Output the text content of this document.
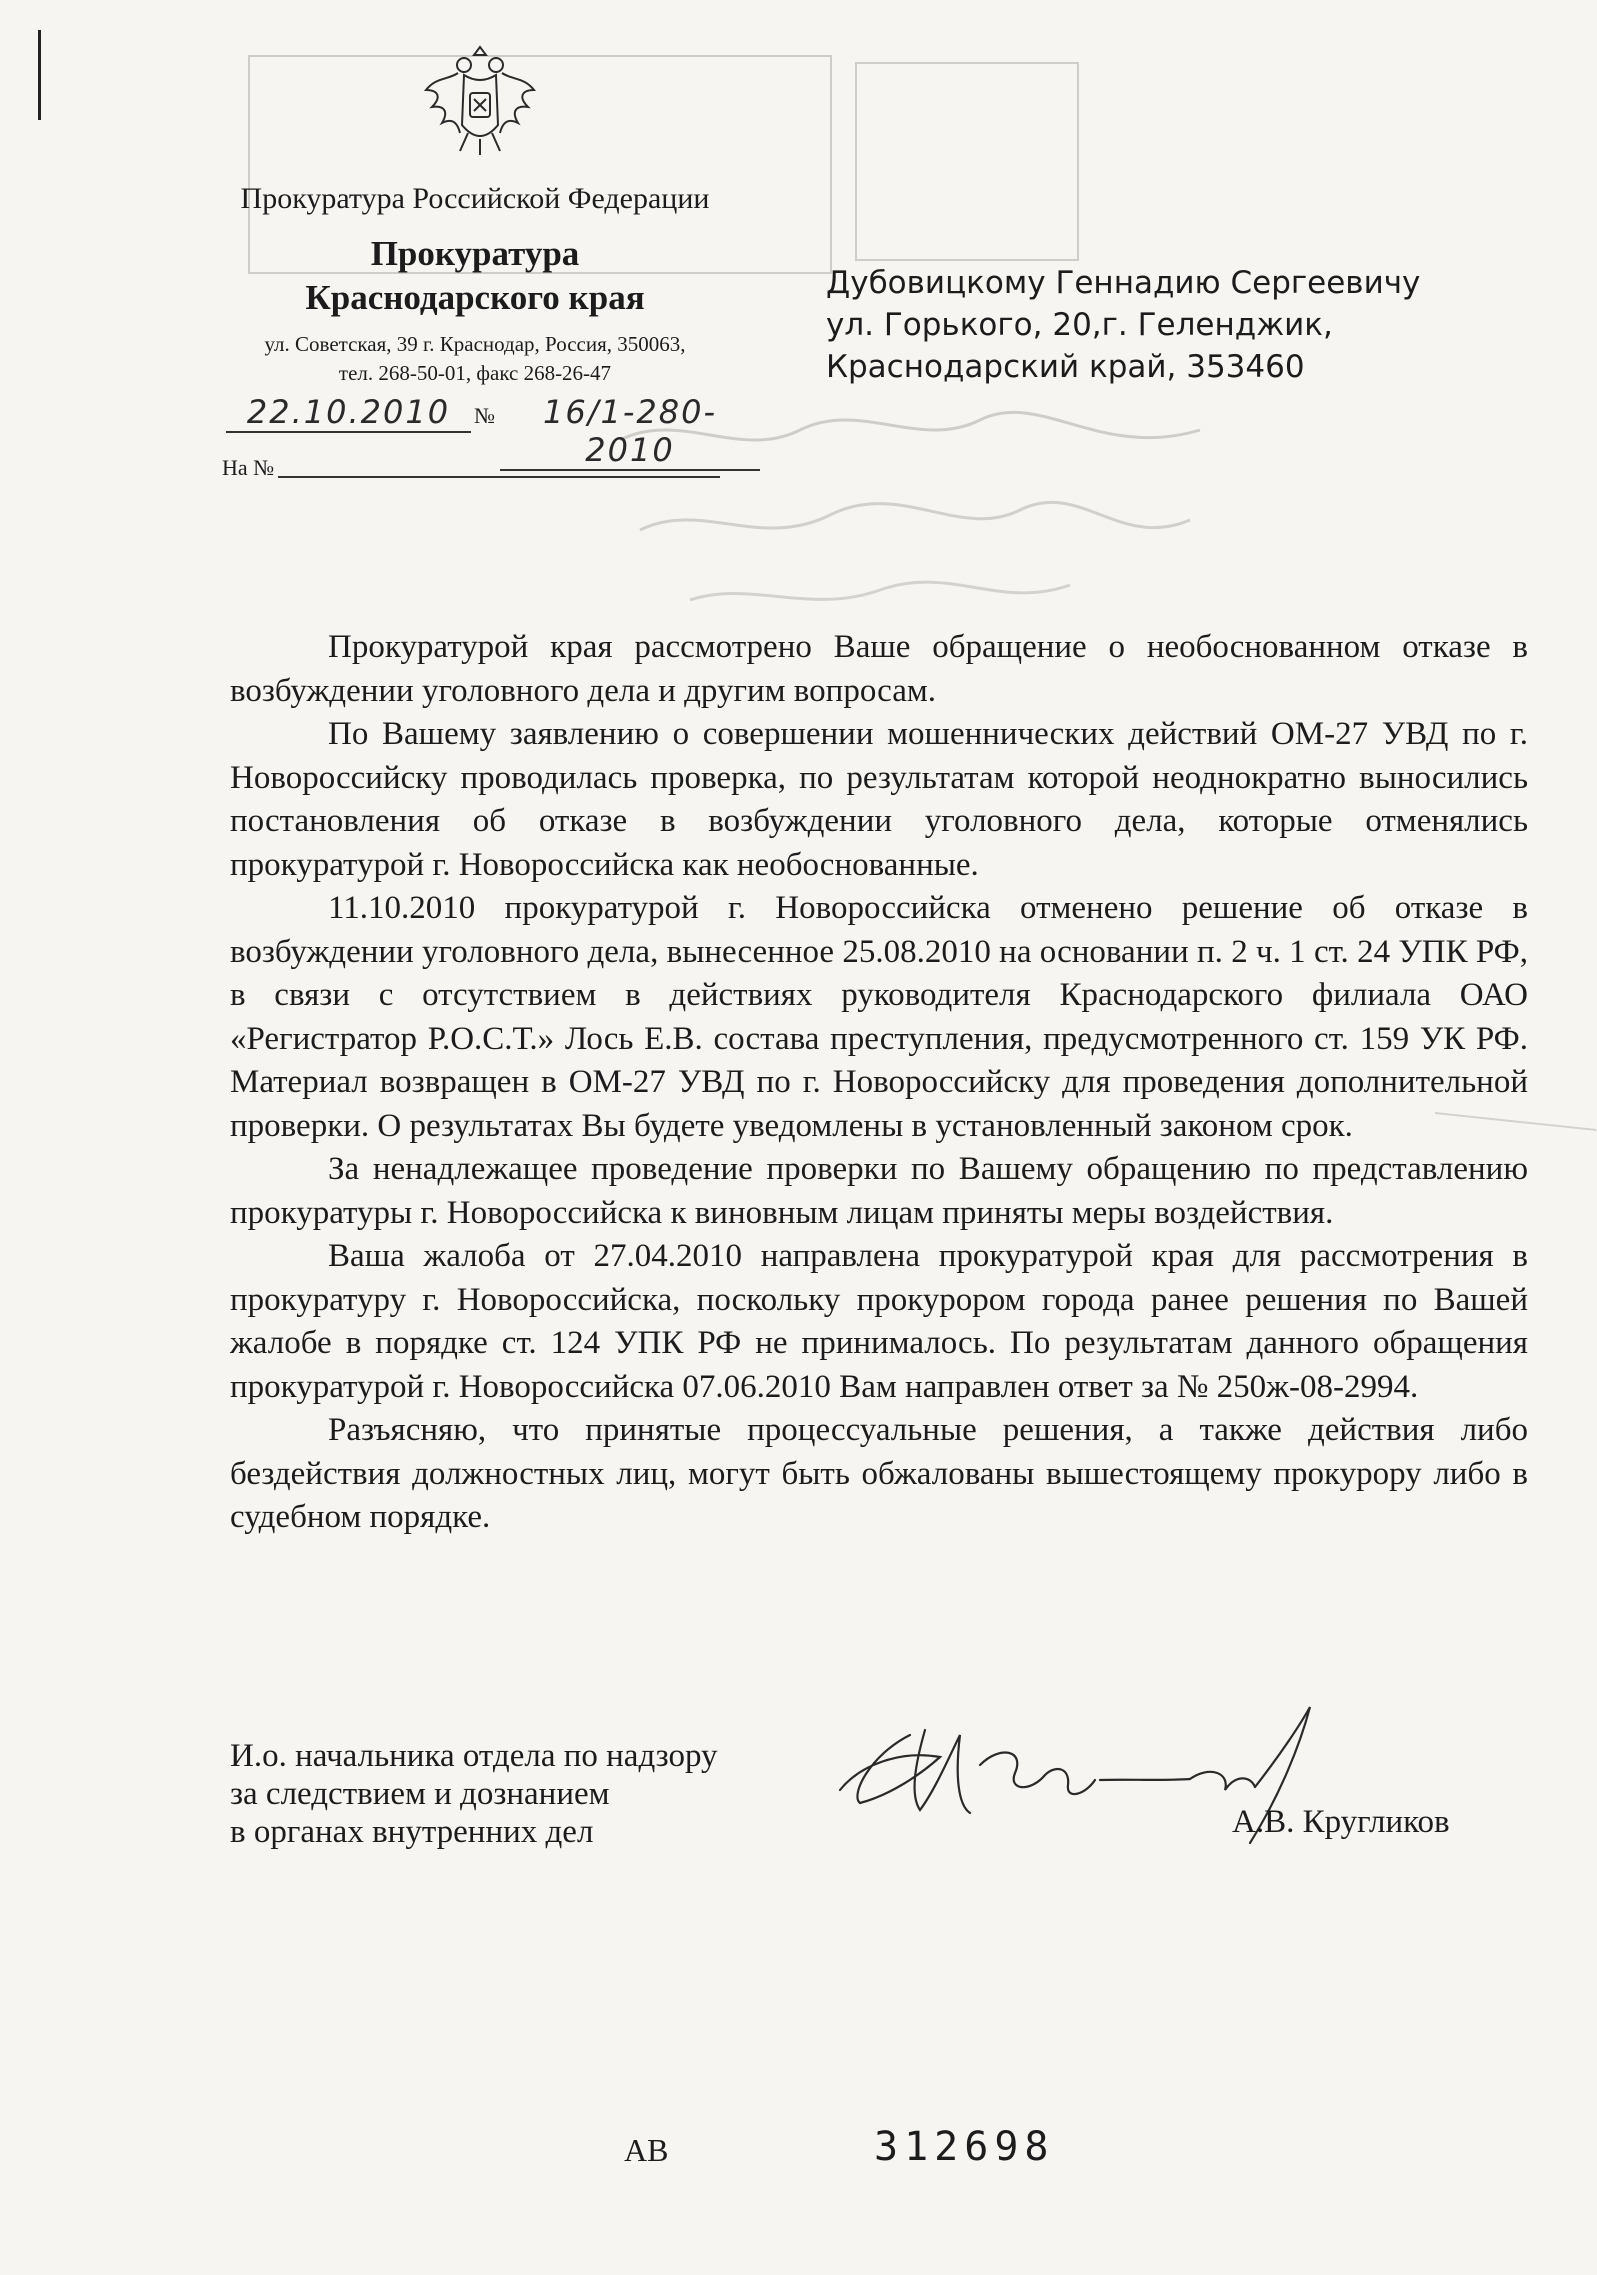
Прокуратура Российской Федерации
Прокуратура
Краснодарского края
ул. Советская, 39 г. Краснодар, Россия, 350063,
тел. 268-50-01, факс 268-26-47
22.10.2010	№	16/1-280-2010
На №
Дубовицкому Геннадию Сергеевичу
ул. Горького, 20,г. Геленджик,
Краснодарский край, 353460

Прокуратурой края рассмотрено Ваше обращение о необоснованном отказе в возбуждении уголовного дела и другим вопросам.

По Вашему заявлению о совершении мошеннических действий ОМ-27 УВД по г. Новороссийску проводилась проверка, по результатам которой неоднократно выносились постановления об отказе в возбуждении уголовного дела, которые отменялись прокуратурой г. Новороссийска как необоснованные.

11.10.2010 прокуратурой г. Новороссийска отменено решение об отказе в возбуждении уголовного дела, вынесенное 25.08.2010 на основании п. 2 ч. 1 ст. 24 УПК РФ, в связи с отсутствием в действиях руководителя Краснодарского филиала ОАО «Регистратор Р.О.С.Т.» Лось Е.В. состава преступления, предусмотренного ст. 159 УК РФ. Материал возвращен в ОМ-27 УВД по г. Новороссийску для проведения дополнительной проверки. О результатах Вы будете уведомлены в установленный законом срок.

За ненадлежащее проведение проверки по Вашему обращению по представлению прокуратуры г. Новороссийска к виновным лицам приняты меры воздействия.

Ваша жалоба от 27.04.2010 направлена прокуратурой края для рассмотрения в прокуратуру г. Новороссийска, поскольку прокурором города ранее решения по Вашей жалобе в порядке ст. 124 УПК РФ не принималось. По результатам данного обращения прокуратурой г. Новороссийска 07.06.2010 Вам направлен ответ за № 250ж-08-2994.

Разъясняю, что принятые процессуальные решения, а также действия либо бездействия должностных лиц, могут быть обжалованы вышестоящему прокурору либо в судебном порядке.

И.о. начальника отдела по надзору
за следствием и дознанием
в органах внутренних дел	А.В. Кругликов
АВ	312698
